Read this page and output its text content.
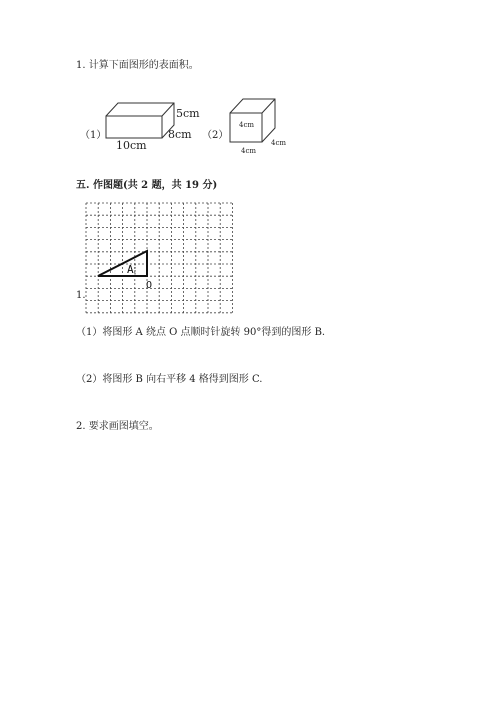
1. 计算下面图形的表面积。
（1）
10cm
5cm
8cm （2）
4cm
4cm
4cm
五. 作图题(共 2 题，共 19 分)
A
O
1.
（1）将图形 A 绕点 O 点顺时针旋转 90°得到的图形 B.
（2）将图形 B 向右平移 4 格得到图形 C.
2. 要求画图填空。
